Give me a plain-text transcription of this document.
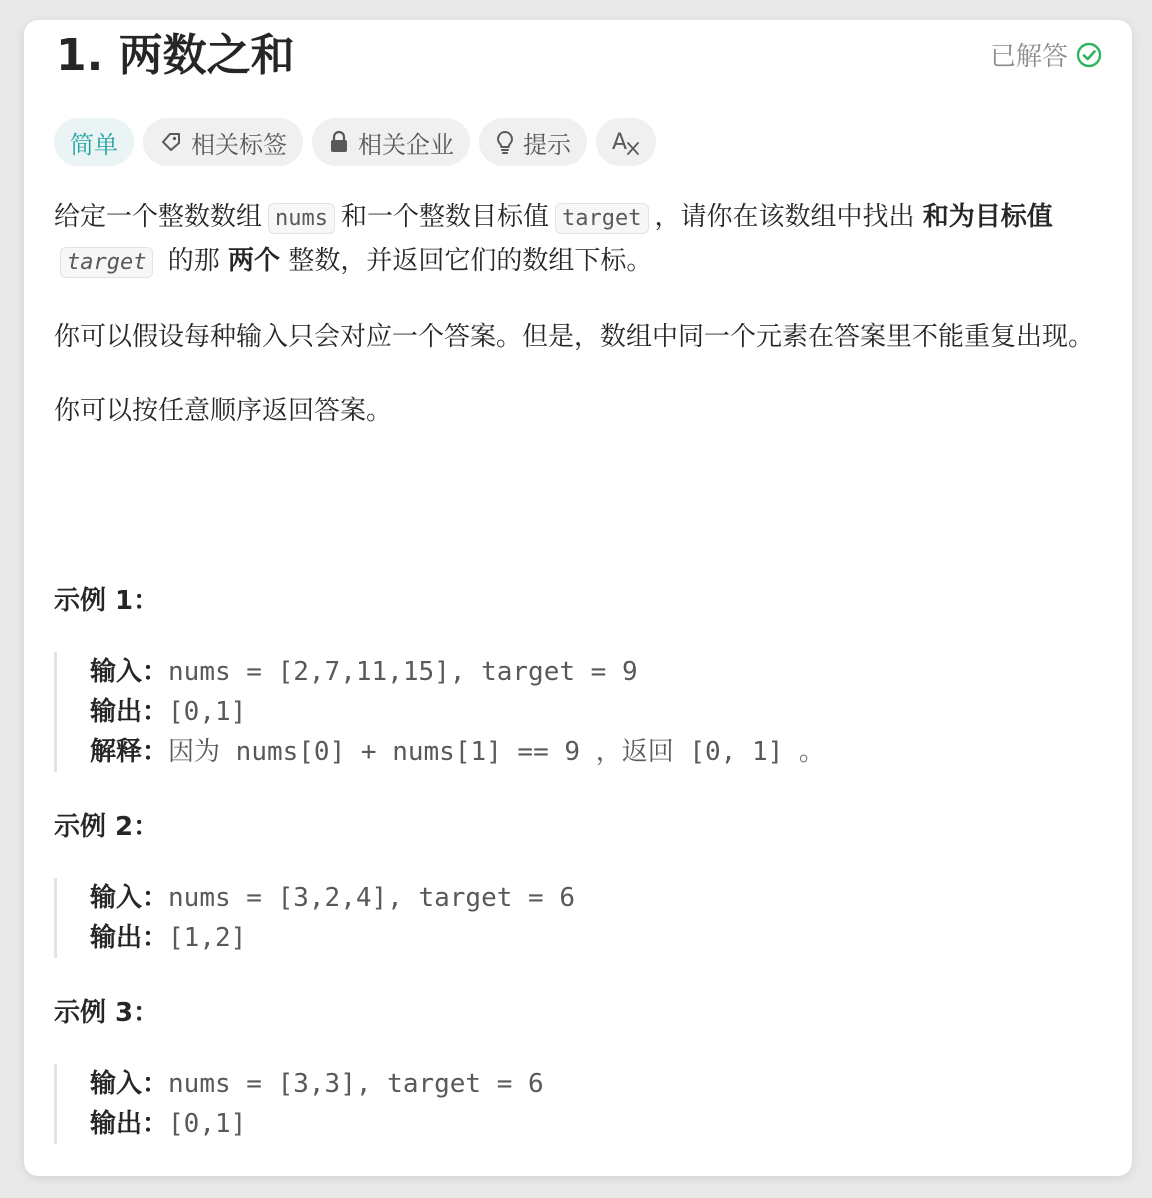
1. 两数之和	已解答
简单	相关标签	相关企业	提示 A

给定一个整数数组 nums 和一个整数目标值 target ，请你在该数组中找出 和为目标值target 的那 两个 整数，并返回它们的数组下标。

你可以假设每种输入只会对应一个答案。但是，数组中同一个元素在答案里不能重复出现。

你可以按任意顺序返回答案。

示例 1：
输入：nums = [2,7,11,15], target = 9
输出：[0,1]
解释：因为 nums[0] + nums[1] == 9 ，返回 [0, 1] 。
示例 2：
输入：nums = [3,2,4], target = 6
输出：[1,2]
示例 3：
输入：nums = [3,3], target = 6
输出：[0,1]
